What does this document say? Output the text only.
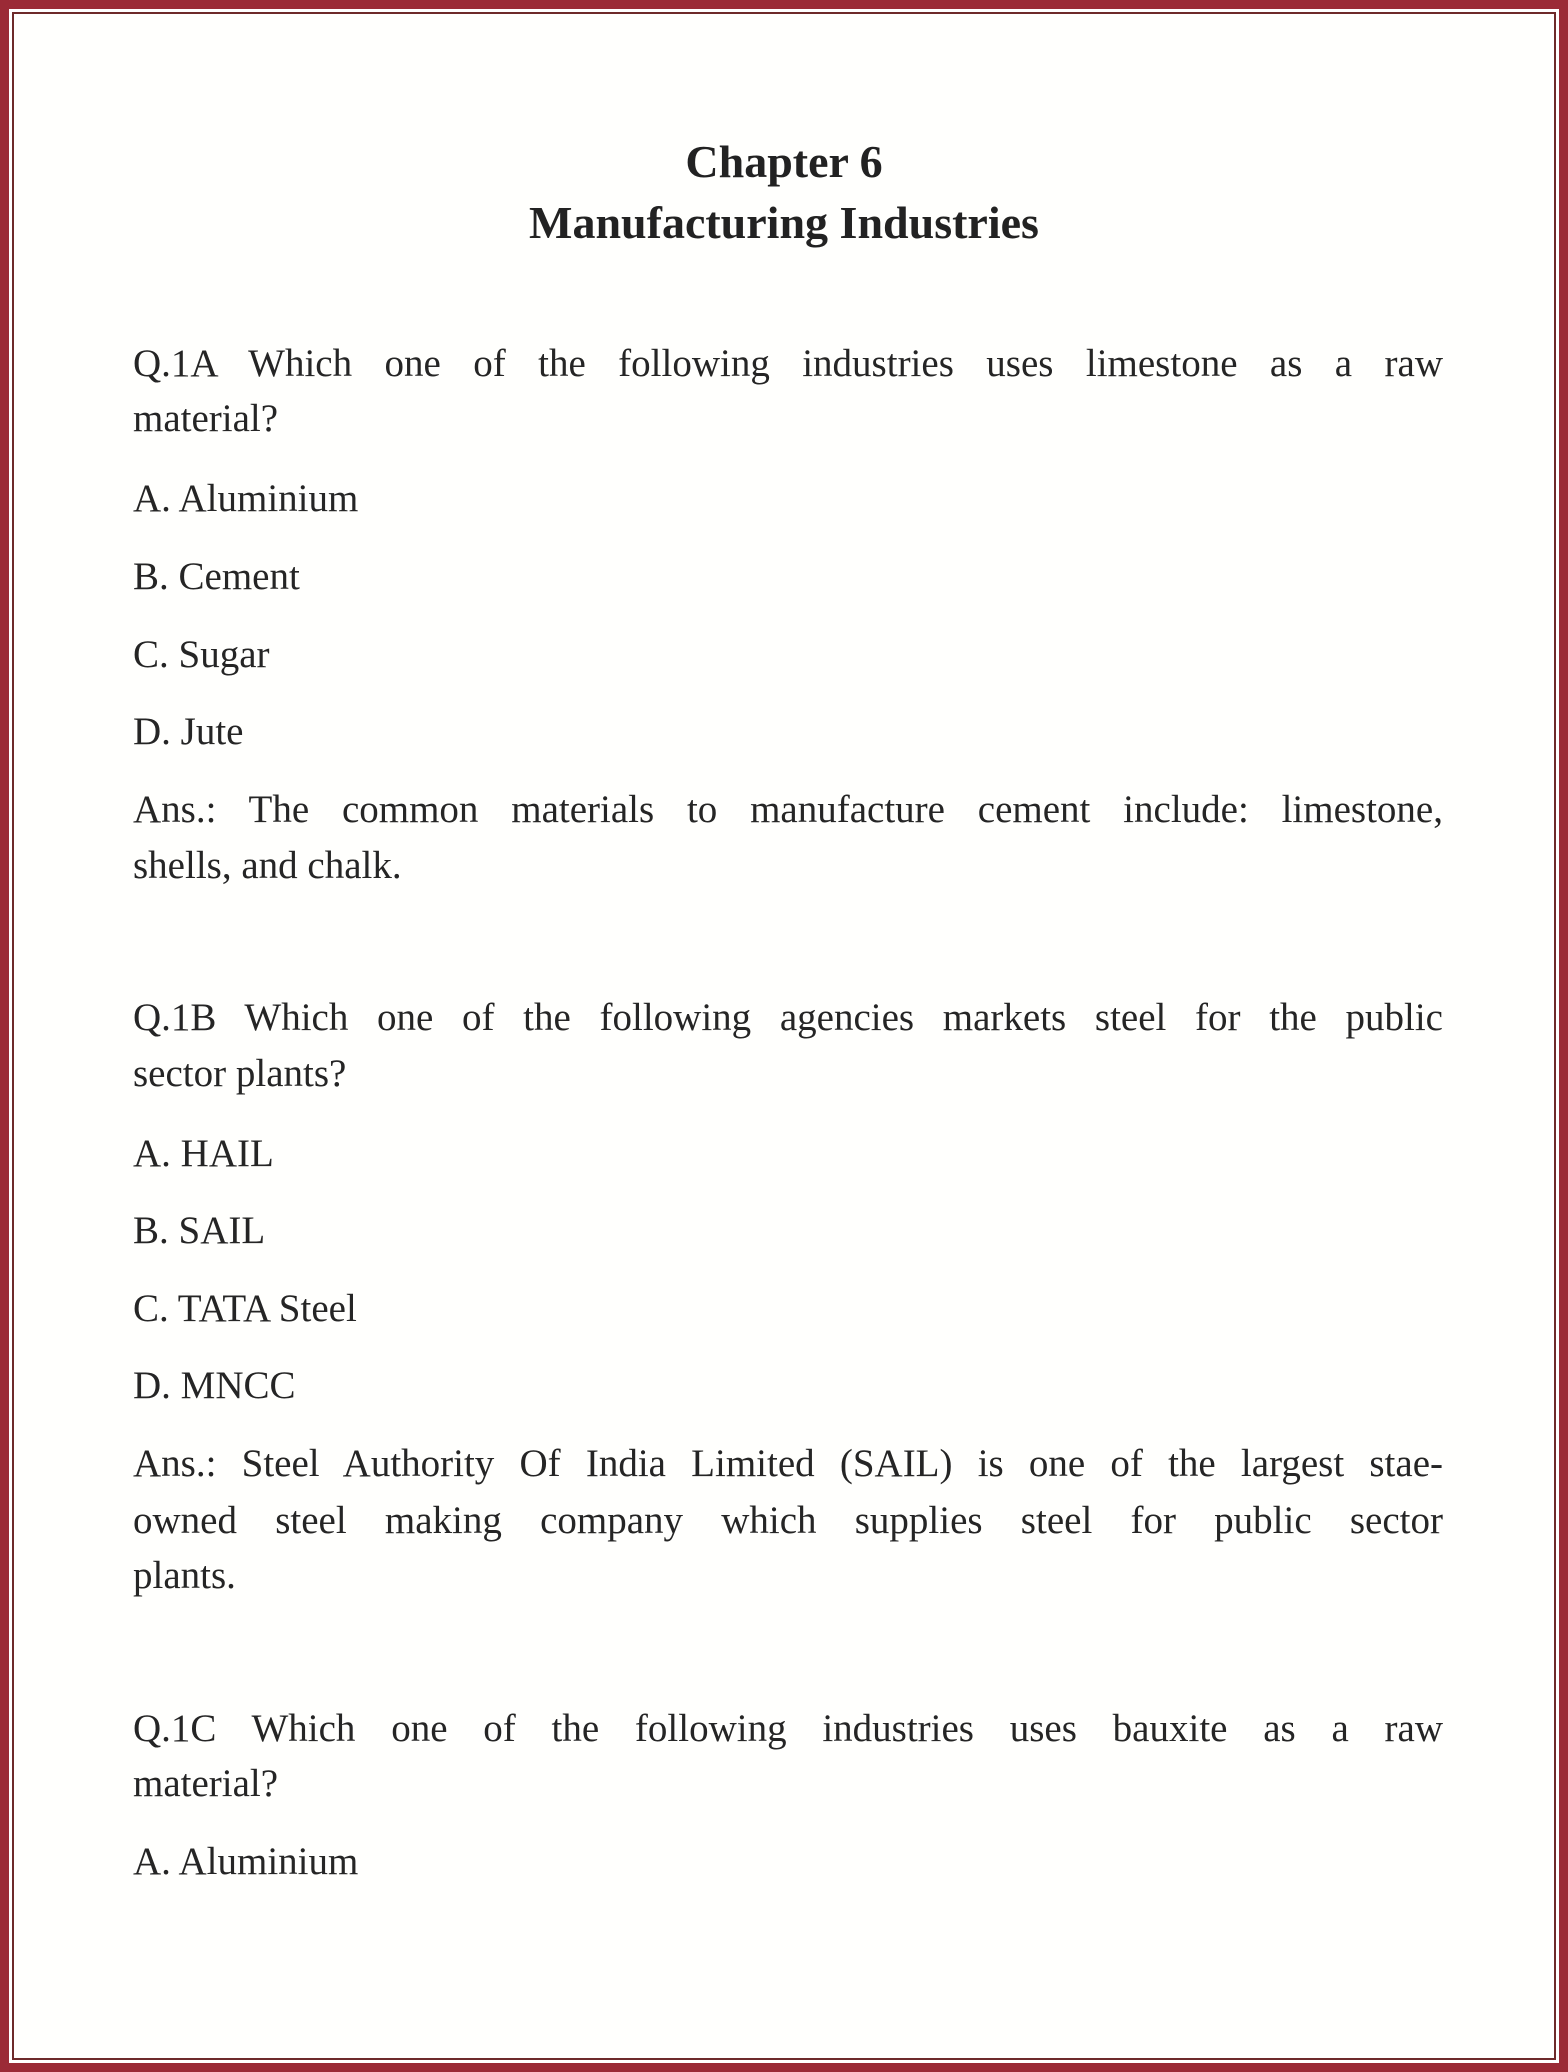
Chapter 6
Manufacturing Industries
Q.1A Which one of the following industries uses limestone as a raw
material?
A. Aluminium
B. Cement
C. Sugar
D. Jute
Ans.: The common materials to manufacture cement include: limestone,
shells, and chalk.
Q.1B Which one of the following agencies markets steel for the public
sector plants?
A. HAIL
B. SAIL
C. TATA Steel
D. MNCC
Ans.: Steel Authority Of India Limited (SAIL) is one of the largest stae-
owned steel making company which supplies steel for public sector
plants.
Q.1C Which one of the following industries uses bauxite as a raw
material?
A. Aluminium
